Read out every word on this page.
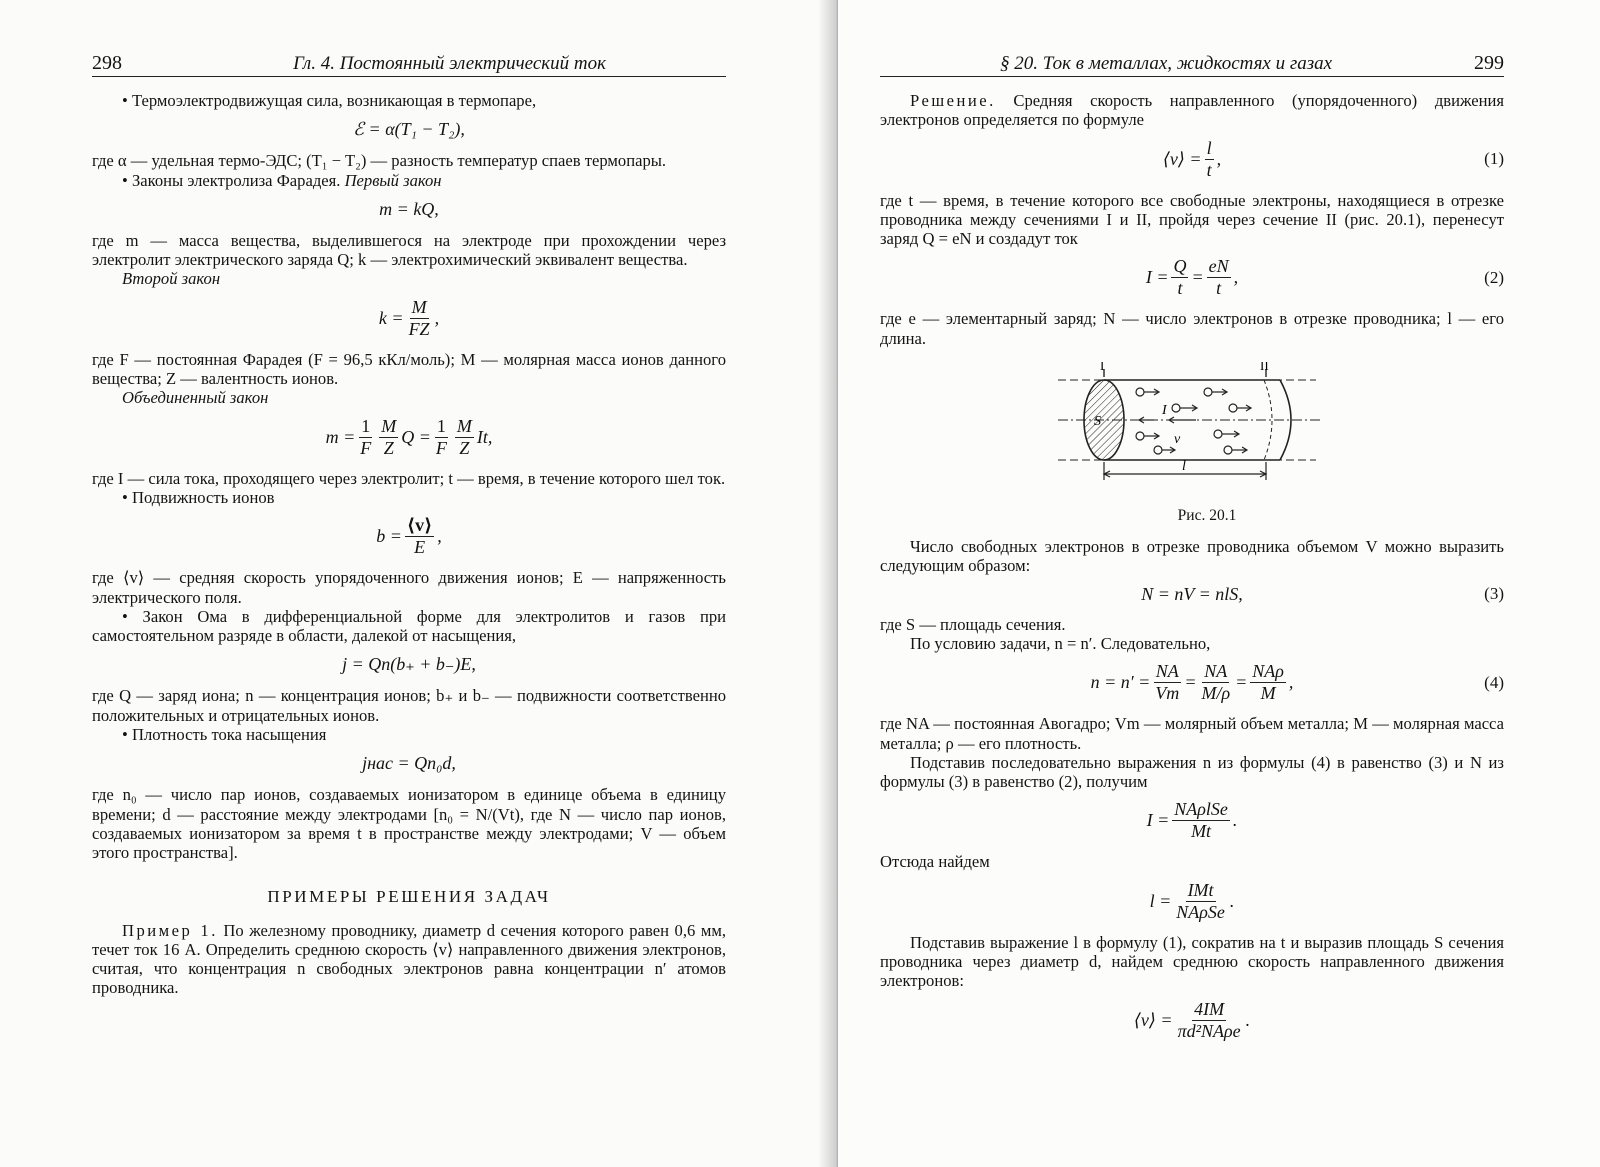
298	Гл. 4. Постоянный электрический ток

• Термоэлектродвижущая сила, возникающая в термопаре,

ℰ = α(T₁ − T₂),

где α — удельная термо-ЭДС; (T₁ − T₂) — разность температур спаев термопары.

• Законы электролиза Фарадея. Первый закон

m = kQ,

где m — масса вещества, выделившегося на электроде при прохождении через электролит электрического заряда Q; k — электрохимический эквивалент вещества.

Второй закон

$k = \frac{M}{FZ}$ ,

где F — постоянная Фарадея (F = 96,5 кКл/моль); M — молярная масса ионов данного вещества; Z — валентность ионов.

Объединенный закон

$m = \frac{1}{F} \frac{M}{Z}$ $Q = \frac{1}{F} \frac{M}{Z} It$,

где I — сила тока, проходящего через электролит; t — время, в течение которого шел ток.

• Подвижность ионов

$b = \frac{⟨v⟩}{E}$ ,

где ⟨v⟩ — средняя скорость упорядоченного движения ионов; E — напряженность электрического поля.

• Закон Ома в дифференциальной форме для электролитов и газов при самостоятельном разряде в области, далекой от насыщения,

j = Qn(b₊ + b₋)E,

где Q — заряд иона; n — концентрация ионов; b₊ и b₋ — подвижности соответственно положительных и отрицательных ионов.

• Плотность тока насыщения

jнас = Qn₀d,

где n₀ — число пар ионов, создаваемых ионизатором в единице объема в единицу времени; d — расстояние между электродами [n₀ = N/(Vt), где N — число пар ионов, создаваемых ионизатором за время t в пространстве между электродами; V — объем этого пространства].

ПРИМЕРЫ РЕШЕНИЯ ЗАДАЧ

Пример 1. По железному проводнику, диаметр d сечения которого равен 0,6 мм, течет ток 16 А. Определить среднюю скорость ⟨v⟩ направленного движения электронов, считая, что концентрация n свободных электронов равна концентрации n′ атомов проводника.

§ 20. Ток в металлах, жидкостях и газах	299

Решение. Средняя скорость направленного (упорядоченного) движения электронов определяется по формуле

⟨v⟩ = $\frac{l}{t}$ ,	(1)

где t — время, в течение которого все свободные электроны, находящиеся в отрезке проводника между сечениями I и II, пройдя через сечение II (рис. 20.1), перенесут заряд Q = eN и создадут ток

$I = \frac{Q}{t} = \frac{eN}{t}$ ,	(2)

где e — элементарный заряд; N — число электронов в отрезке проводника; l — его длина.

I	II
S
I
v
l
Рис. 20.1

Число свободных электронов в отрезке проводника объемом V можно выразить следующим образом:

N = nV = nlS,	(3)

где S — площадь сечения.

По условию задачи, n = n′. Следовательно,

$n = n' = \frac{NA}{Vm} = \frac{NA}{M/\rho}$ =
NAρ
M
,	(4)

где NA — постоянная Авогадро; Vm — молярный объем металла; M — молярная масса металла; ρ — его плотность.

Подставив последовательно выражения n из формулы (4) в равенство (3) и N из формулы (3) в равенство (2), получим

I =
NAρlSe
Mt
.

Отсюда найдем

l =
IMt
NAρSe
.

Подставив выражение l в формулу (1), сократив на t и выразив площадь S сечения проводника через диаметр d, найдем среднюю скорость направленного движения электронов:

⟨v⟩ =
4IM
πd²NAρe
.
